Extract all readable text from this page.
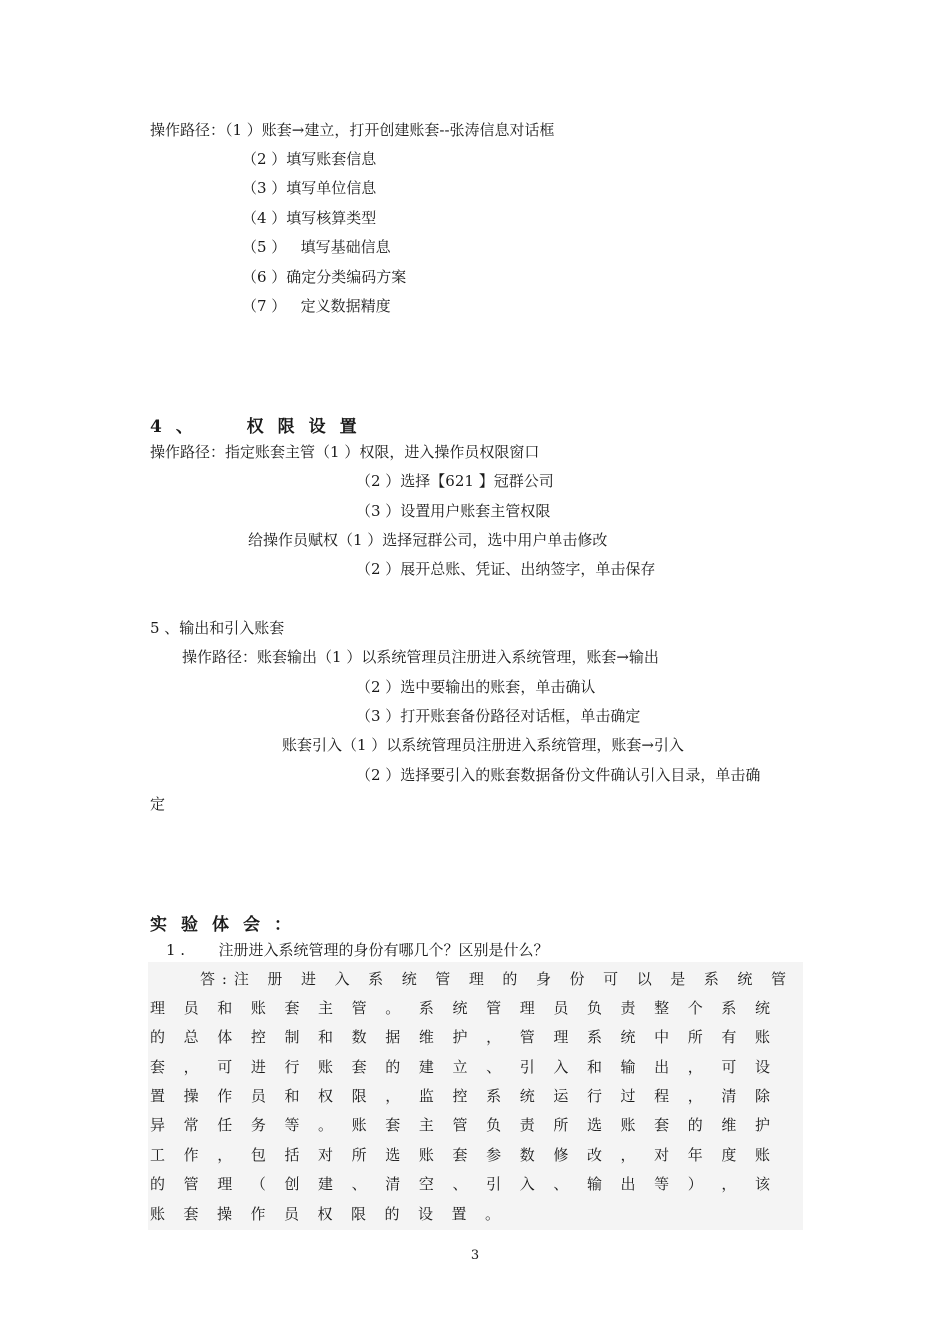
操作路径：（1 ）账套→建立，打开创建账套--张涛信息对话框
（2 ）填写账套信息
（3 ）填写单位信息
（4 ）填写核算类型
（5 ）   填写基础信息
（6 ）确定分类编码方案
（7 ）   定义数据精度
4、  权限设置
操作路径：指定账套主管（1 ）权限，进入操作员权限窗口
（2 ）选择【621 】冠群公司
（3 ）设置用户账套主管权限
给操作员赋权（1 ）选择冠群公司，选中用户单击修改
（2 ）展开总账、凭证、出纳签字，单击保存
5 、输出和引入账套
操作路径：账套输出（1 ）以系统管理员注册进入系统管理，账套→输出
（2 ）选中要输出的账套，单击确认
（3 ）打开账套备份路径对话框，单击确定
账套引入（1 ）以系统管理员注册进入系统管理，账套→引入
（2 ）选择要引入的账套数据备份文件确认引入目录，单击确
定
实验体会：
1 .       注册进入系统管理的身份有哪几个？区别是什么？
答:注 册 进 入 系 统 管 理 的 身 份 可 以 是 系 统 管
理 员 和 账 套 主 管 。 系 统 管 理 员 负 责 整 个 系 统
的 总 体 控 制 和 数 据 维 护 ， 管 理 系 统 中 所 有 账
套 ， 可 进 行 账 套 的 建 立 、 引 入 和 输 出 ， 可 设
置 操 作 员 和 权 限 ， 监 控 系 统 运 行 过 程 ， 清 除
异 常 任 务 等 。 账 套 主 管 负 责 所 选 账 套 的 维 护
工 作 ， 包 括 对 所 选 账 套 参 数 修 改 ， 对 年 度 账
的 管 理 （ 创 建 、 清 空 、 引 入 、 输 出 等 ） ， 该
账 套 操 作 员 权 限 的 设 置 。
3
